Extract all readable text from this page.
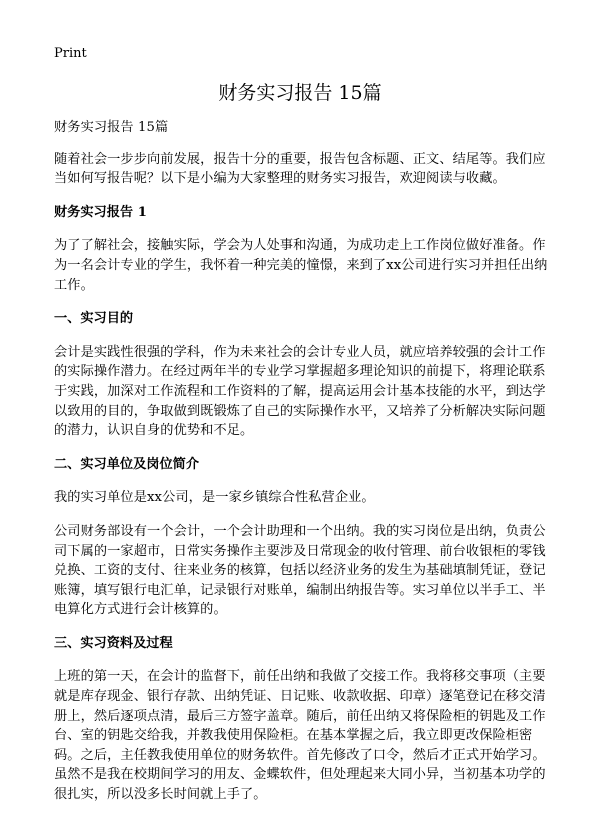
Print
财务实习报告 15篇

财务实习报告 15篇

随着社会一步步向前发展，报告十分的重要，报告包含标题、正文、结尾等。我们应当如何写报告呢？以下是小编为大家整理的财务实习报告，欢迎阅读与收藏。

财务实习报告 1

为了了解社会，接触实际，学会为人处事和沟通，为成功走上工作岗位做好准备。作为一名会计专业的学生，我怀着一种完美的憧憬，来到了xx公司进行实习并担任出纳工作。

一、实习目的

会计是实践性很强的学科，作为未来社会的会计专业人员，就应培养较强的会计工作的实际操作潜力。在经过两年半的专业学习掌握超多理论知识的前提下，将理论联系于实践，加深对工作流程和工作资料的了解，提高运用会计基本技能的水平，到达学以致用的目的，争取做到既锻炼了自己的实际操作水平，又培养了分析解决实际问题的潜力，认识自身的优势和不足。

二、实习单位及岗位简介

我的实习单位是xx公司，是一家乡镇综合性私营企业。

公司财务部设有一个会计，一个会计助理和一个出纳。我的实习岗位是出纳，负责公司下属的一家超市，日常实务操作主要涉及日常现金的收付管理、前台收银柜的零钱兑换、工资的支付、往来业务的核算，包括以经济业务的发生为基础填制凭证，登记账簿，填写银行电汇单，记录银行对账单，编制出纳报告等。实习单位以半手工、半电算化方式进行会计核算的。

三、实习资料及过程

上班的第一天，在会计的监督下，前任出纳和我做了交接工作。我将移交事项（主要就是库存现金、银行存款、出纳凭证、日记账、收款收据、印章）逐笔登记在移交清册上，然后逐项点清，最后三方签字盖章。随后，前任出纳又将保险柜的钥匙及工作台、室的钥匙交给我，并教我使用保险柜。在基本掌握之后，我立即更改保险柜密码。之后，主任教我使用单位的财务软件。首先修改了口令，然后才正式开始学习。虽然不是我在校期间学习的用友、金蝶软件，但处理起来大同小异，当初基本功学的很扎实，所以没多长时间就上手了。
